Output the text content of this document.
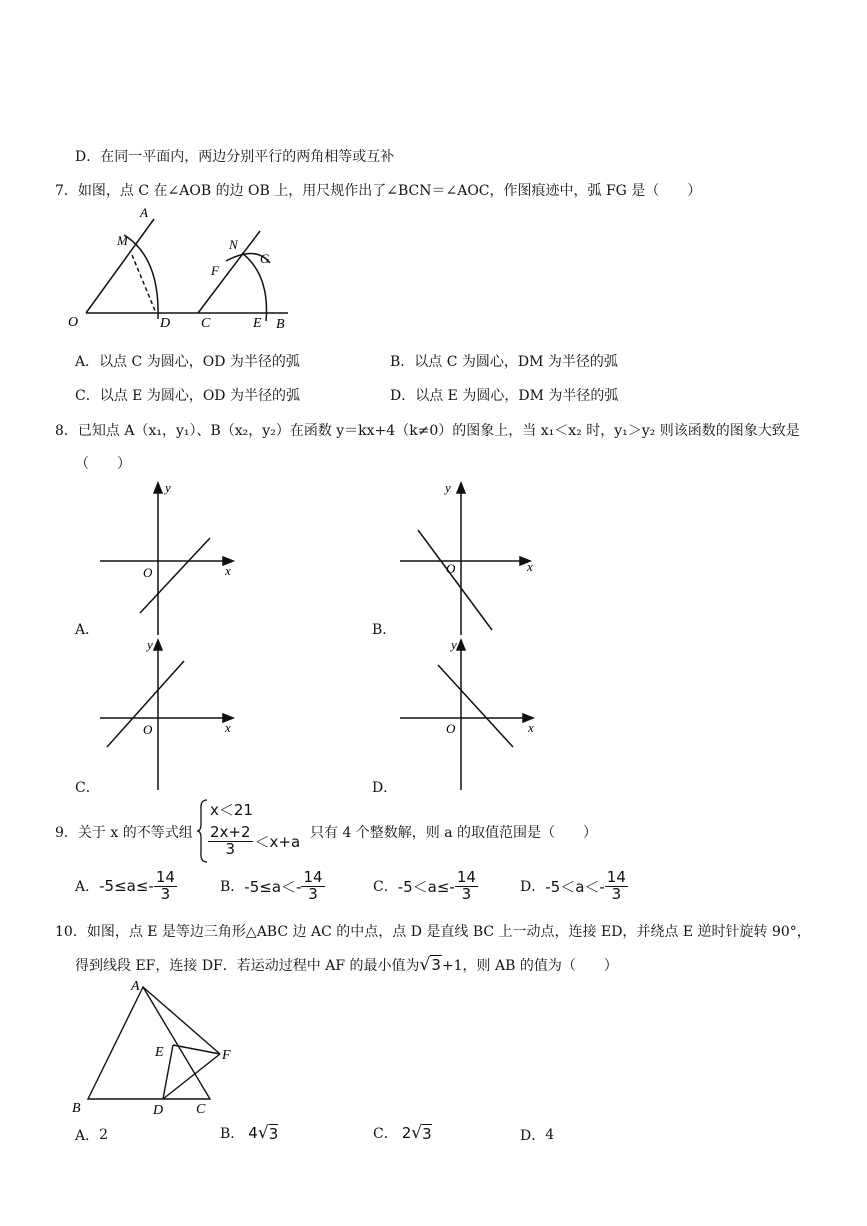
D．在同一平面内，两边分别平行的两角相等或互补
7．如图，点 C 在∠AOB 的边 OB 上，用尺规作出了∠BCN＝∠AOC，作图痕迹中，弧 FG 是（　　）
A
M
O	D C
N
F
G
E B
A．以点 C 为圆心，OD 为半径的弧	B．以点 C 为圆心，DM 为半径的弧
C．以点 E 为圆心，OD 为半径的弧	D．以点 E 为圆心，DM 为半径的弧
8．已知点 A（x₁，y₁）、B（x₂，y₂）在函数 y＝kx+4（k≠0）的图象上，当 x₁＜x₂ 时，y₁＞y₂ 则该函数的图象大致是
（　　）
O	x
y
A．
O	x
y
B．
O	x
y
C．
O	x
y
D．
9．关于 x 的不等式组
x＜21
$\frac{2x+2}{3} <x+a$ 只有 4 个整数解，则 a 的取值范围是（　　）
A． $-5\le a\le- \frac{14}{3}$	B． $-5\le a<- \frac{14}{3}$	C． $-5<a\le- \frac{14}{3}$	D． $-5<a<- \frac{14}{3}$
10．如图，点 E 是等边三角形△ABC 边 AC 的中点，点 D 是直线 BC 上一动点，连接 ED，并绕点 E 逆时针旋转 90°，
得到线段 EF，连接 DF．若运动过程中 AF 的最小值为 √ 3 +1，则 AB 的值为（　　）
A
B	C
D
E	F
A． 2	B． 4 √ 3	C． 2 √ 3	D． 4
